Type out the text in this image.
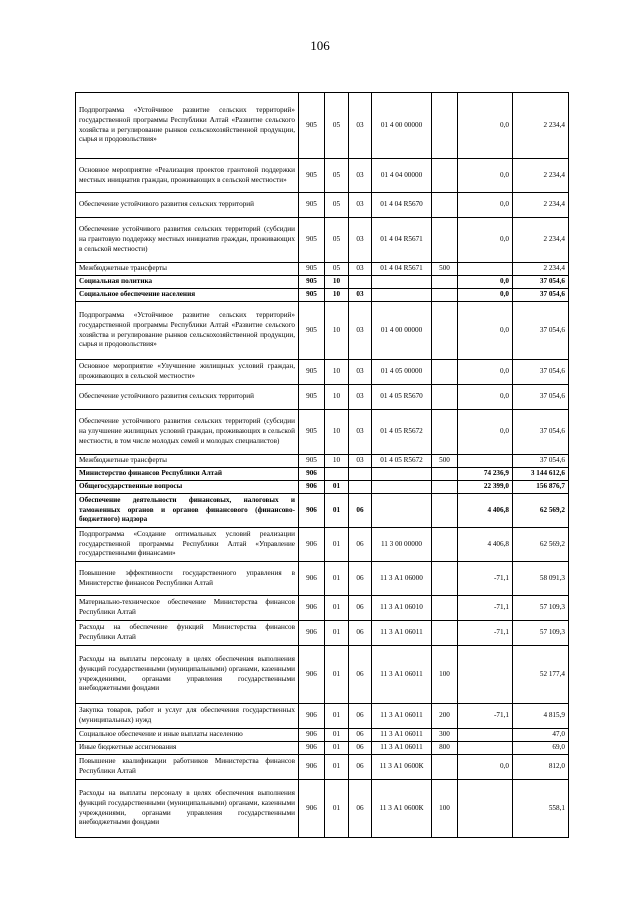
106
Подпрограмма «Устойчивое развитие сельских территорий» государственной программы Республики Алтай «Развитие сельского хозяйства и регулирование рынков сельскохозяйственной продукции, сырья и продовольствия»	905	05	03	01 4 00 00000		0,0	2 234,4
Основное мероприятие «Реализация проектов грантовой поддержки местных инициатив граждан, проживающих в сельской местности»	905	05	03	01 4 04 00000		0,0	2 234,4
Обеспечение устойчивого развития сельских территорий	905	05	03	01 4 04 R5670		0,0	2 234,4
Обеспечение устойчивого развития сельских территорий (субсидии на грантовую поддержку местных инициатив граждан, проживающих в сельской местности)	905	05	03	01 4 04 R5671		0,0	2 234,4
Межбюджетные трансферты	905	05	03	01 4 04 R5671	500		2 234,4
Социальная политика	905	10				0,0	37 054,6
Социальное обеспечение населения	905	10	03			0,0	37 054,6
Подпрограмма «Устойчивое развитие сельских территорий» государственной программы Республики Алтай «Развитие сельского хозяйства и регулирование рынков сельскохозяйственной продукции, сырья и продовольствия»	905	10	03	01 4 00 00000		0,0	37 054,6
Основное мероприятие «Улучшение жилищных условий граждан, проживающих в сельской местности»	905	10	03	01 4 05 00000		0,0	37 054,6
Обеспечение устойчивого развития сельских территорий	905	10	03	01 4 05 R5670		0,0	37 054,6
Обеспечение устойчивого развития сельских территорий (субсидии на улучшение жилищных условий граждан, проживающих в сельской местности, в том числе молодых семей и молодых специалистов)	905	10	03	01 4 05 R5672		0,0	37 054,6
Межбюджетные трансферты	905	10	03	01 4 05 R5672	500		37 054,6
Министерство финансов Республики Алтай	906					74 236,9	3 144 612,6
Общегосударственные вопросы	906	01				22 399,0	156 876,7
Обеспечение деятельности финансовых, налоговых и таможенных органов и органов финансового (финансово-бюджетного) надзора	906	01	06			4 406,8	62 569,2
Подпрограмма «Создание оптимальных условий реализации государственной программы Республики Алтай «Управление государственными финансами»	906	01	06	11 3 00 00000		4 406,8	62 569,2
Повышение эффективности государственного управления в Министерстве финансов Республики Алтай	906	01	06	11 3 А1 06000		-71,1	58 091,3
Материально-техническое обеспечение Министерства финансов Республики Алтай	906	01	06	11 3 А1 06010		-71,1	57 109,3
Расходы на обеспечение функций Министерства финансов Республики Алтай	906	01	06	11 3 А1 06011		-71,1	57 109,3
Расходы на выплаты персоналу в целях обеспечения выполнения функций государственными (муниципальными) органами, казенными учреждениями, органами управления государственными внебюджетными фондами	906	01	06	11 3 А1 06011	100		52 177,4
Закупка товаров, работ и услуг для обеспечения государственных (муниципальных) нужд	906	01	06	11 3 А1 06011	200	-71,1	4 815,9
Социальное обеспечение и иные выплаты населению	906	01	06	11 3 А1 06011	300		47,0
Иные бюджетные ассигнования	906	01	06	11 3 А1 06011	800		69,0
Повышение квалификации работников Министерства финансов Республики Алтай	906	01	06	11 3 А1 0600К		0,0	812,0
Расходы на выплаты персоналу в целях обеспечения выполнения функций государственными (муниципальными) органами, казенными учреждениями, органами управления государственными внебюджетными фондами	906	01	06	11 3 А1 0600К	100		558,1
